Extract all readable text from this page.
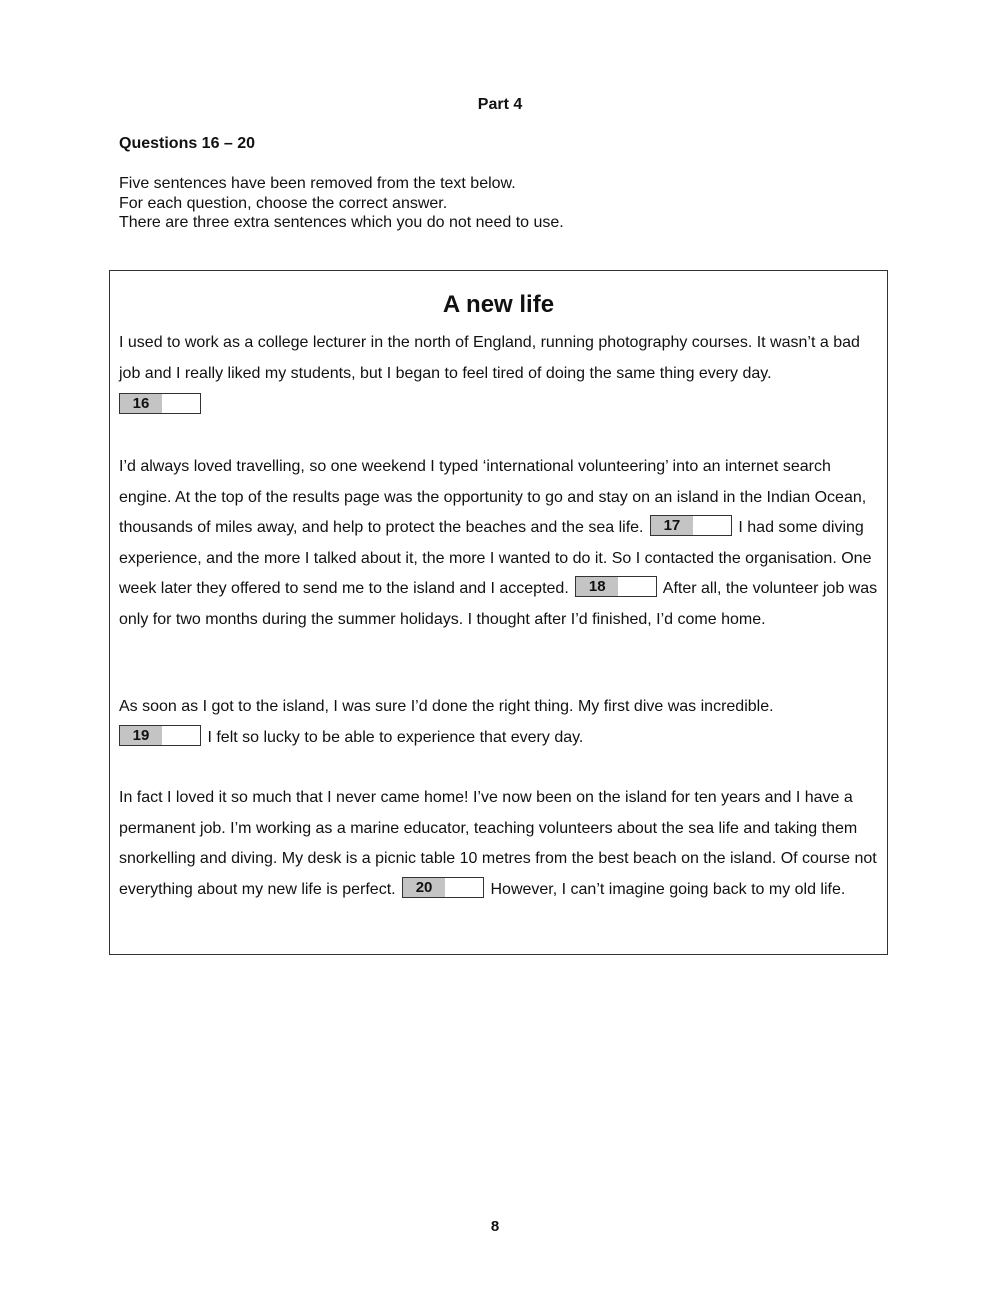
Part 4
Questions 16 – 20
Five sentences have been removed from the text below.
For each question, choose the correct answer.
There are three extra sentences which you do not need to use.
A new life
I used to work as a college lecturer in the north of England, running photography courses. It wasn’t a bad job and I really liked my students, but I began to feel tired of doing the same thing every day.
16
I’d always loved travelling, so one weekend I typed ‘international volunteering’ into an internet search engine. At the top of the results page was the opportunity to go and stay on an island in the Indian Ocean, thousands of miles away, and help to protect the beaches and the sea life. 17	I had some diving experience, and the more I talked about it, the more I wanted to do it. So I contacted the organisation. One week later they offered to send me to the island and I accepted. 18	After all, the volunteer job was only for two months during the summer holidays. I thought after I’d finished, I’d come home.
As soon as I got to the island, I was sure I’d done the right thing. My first dive was incredible.
19	I felt so lucky to be able to experience that every day.
In fact I loved it so much that I never came home! I’ve now been on the island for ten years and I have a permanent job. I’m working as a marine educator, teaching volunteers about the sea life and taking them snorkelling and diving. My desk is a picnic table 10 metres from the best beach on the island. Of course not everything about my new life is perfect. 20	However, I can’t imagine going back to my old life.
8
